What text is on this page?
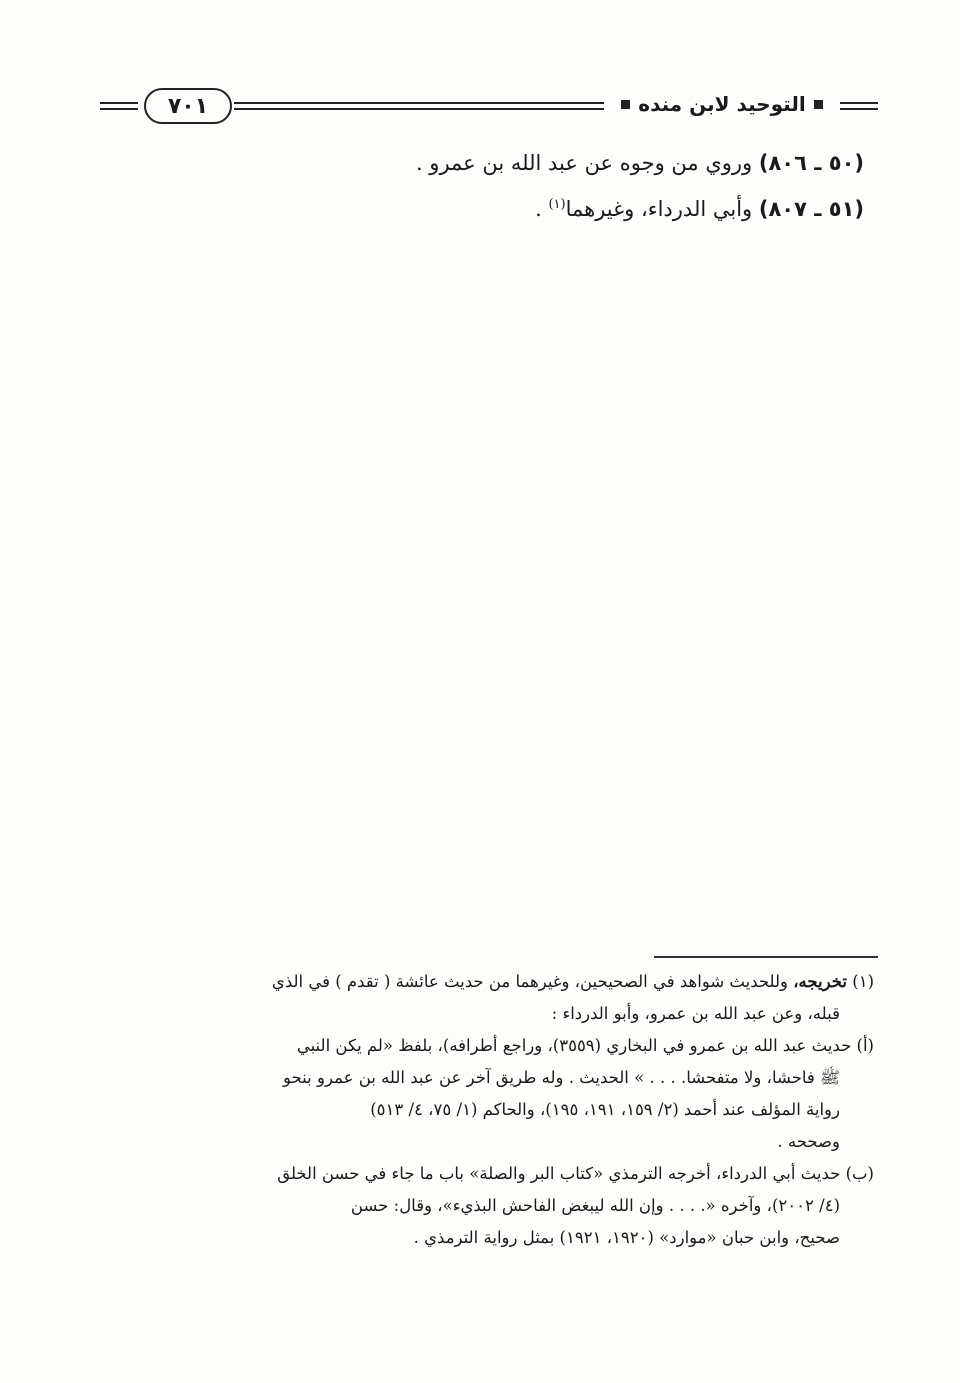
٧٠١	التوحيد لابن منده
(٥٠ ـ ٨٠٦) وروي من وجوه عن عبد الله بن عمرو .
(٥١ ـ ٨٠٧) وأبي الدرداء، وغيرهما$^{(١)}$ .
(١) تخريجه، وللحديث شواهد في الصحيحين، وغيرهما من حديث عائشة ( تقدم ) في الذي
قبله، وعن عبد الله بن عمرو، وأبو الدرداء :
(أ) حديث عبد الله بن عمرو في البخاري (٣٥٥٩)، وراجع أطرافه)، بلفظ «لم يكن النبي
ﷺ فاحشا، ولا متفحشا. . . . » الحديث . وله طريق آخر عن عبد الله بن عمرو بنحو
رواية المؤلف عند أحمد (٢/ ١٥٩، ١٩١، ١٩٥)، والحاكم (١/ ٧٥، ٤/ ٥١٣)
وصححه .
(ب) حديث أبي الدرداء، أخرجه الترمذي «كتاب البر والصلة» باب ما جاء في حسن الخلق
(٤/ ٢٠٠٢)، وآخره «. . . . وإن الله ليبغض الفاحش البذيء»، وقال: حسن
صحيح، وابن حبان «موارد» (١٩٢٠، ١٩٢١) بمثل رواية الترمذي .
